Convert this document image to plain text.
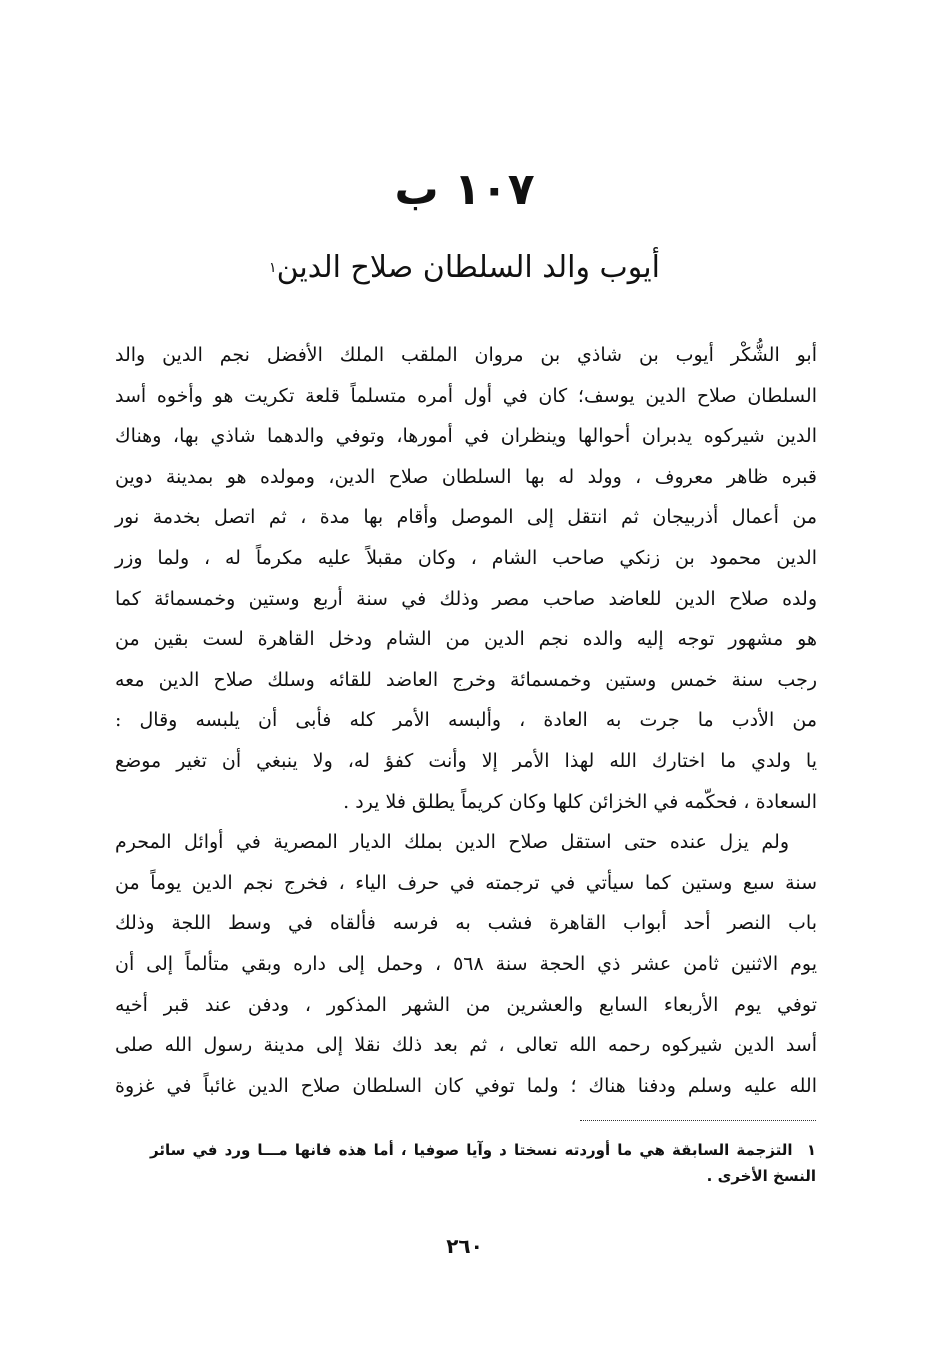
١٠٧ ب
أيوب والد السلطان صلاح الدين$^١$
أبو الشُّكْر أيوب بن شاذي بن مروان الملقب الملك الأفضل نجم الدين والد
السلطان صلاح الدين يوسف؛ كان في أول أمره متسلماً قلعة تكريت هو وأخوه أسد
الدين شيركوه يدبران أحوالها وينظران في أمورها، وتوفي والدهما شاذي بها، وهناك
قبره ظاهر معروف ، وولد له بها السلطان صلاح الدين، ومولده هو بمدينة دوين
من أعمال أذربيجان ثم انتقل إلى الموصل وأقام بها مدة ، ثم اتصل بخدمة نور
الدين محمود بن زنكي صاحب الشام ، وكان مقبلاً عليه مكرماً له ، ولما وزر
ولده صلاح الدين للعاضد صاحب مصر وذلك في سنة أربع وستين وخمسمائة كما
هو مشهور توجه إليه والده نجم الدين من الشام ودخل القاهرة لست بقين من
رجب سنة خمس وستين وخمسمائة وخرج العاضد للقائه وسلك صلاح الدين معه
من الأدب ما جرت به العادة ، وألبسه الأمر كله فأبى أن يلبسه وقال :
يا ولدي ما اختارك الله لهذا الأمر إلا وأنت كفؤ له، ولا ينبغي أن تغير موضع
السعادة ، فحكّمه في الخزائن كلها وكان كريماً يطلق فلا يرد .
ولم يزل عنده حتى استقل صلاح الدين بملك الديار المصرية في أوائل المحرم
سنة سبع وستين كما سيأتي في ترجمته في حرف الياء ، فخرج نجم الدين يوماً من
باب النصر أحد أبواب القاهرة فشب به فرسه فألقاه في وسط اللجة وذلك
يوم الاثنين ثامن عشر ذي الحجة سنة ٥٦٨ ، وحمل إلى داره وبقي متألماً إلى أن
توفي يوم الأربعاء السابع والعشرين من الشهر المذكور ، ودفن عند قبر أخيه
أسد الدين شيركوه رحمه الله تعالى ، ثم بعد ذلك نقلا إلى مدينة رسول الله صلى
الله عليه وسلم ودفنا هناك ؛ ولما توفي كان السلطان صلاح الدين غائباً في غزوة
١  التزجمة السابقة هي ما أوردته نسختا د وآيا صوفيا ، أما هذه فانها مـــا ورد في سائر النسخ الأخرى .
٢٦٠
